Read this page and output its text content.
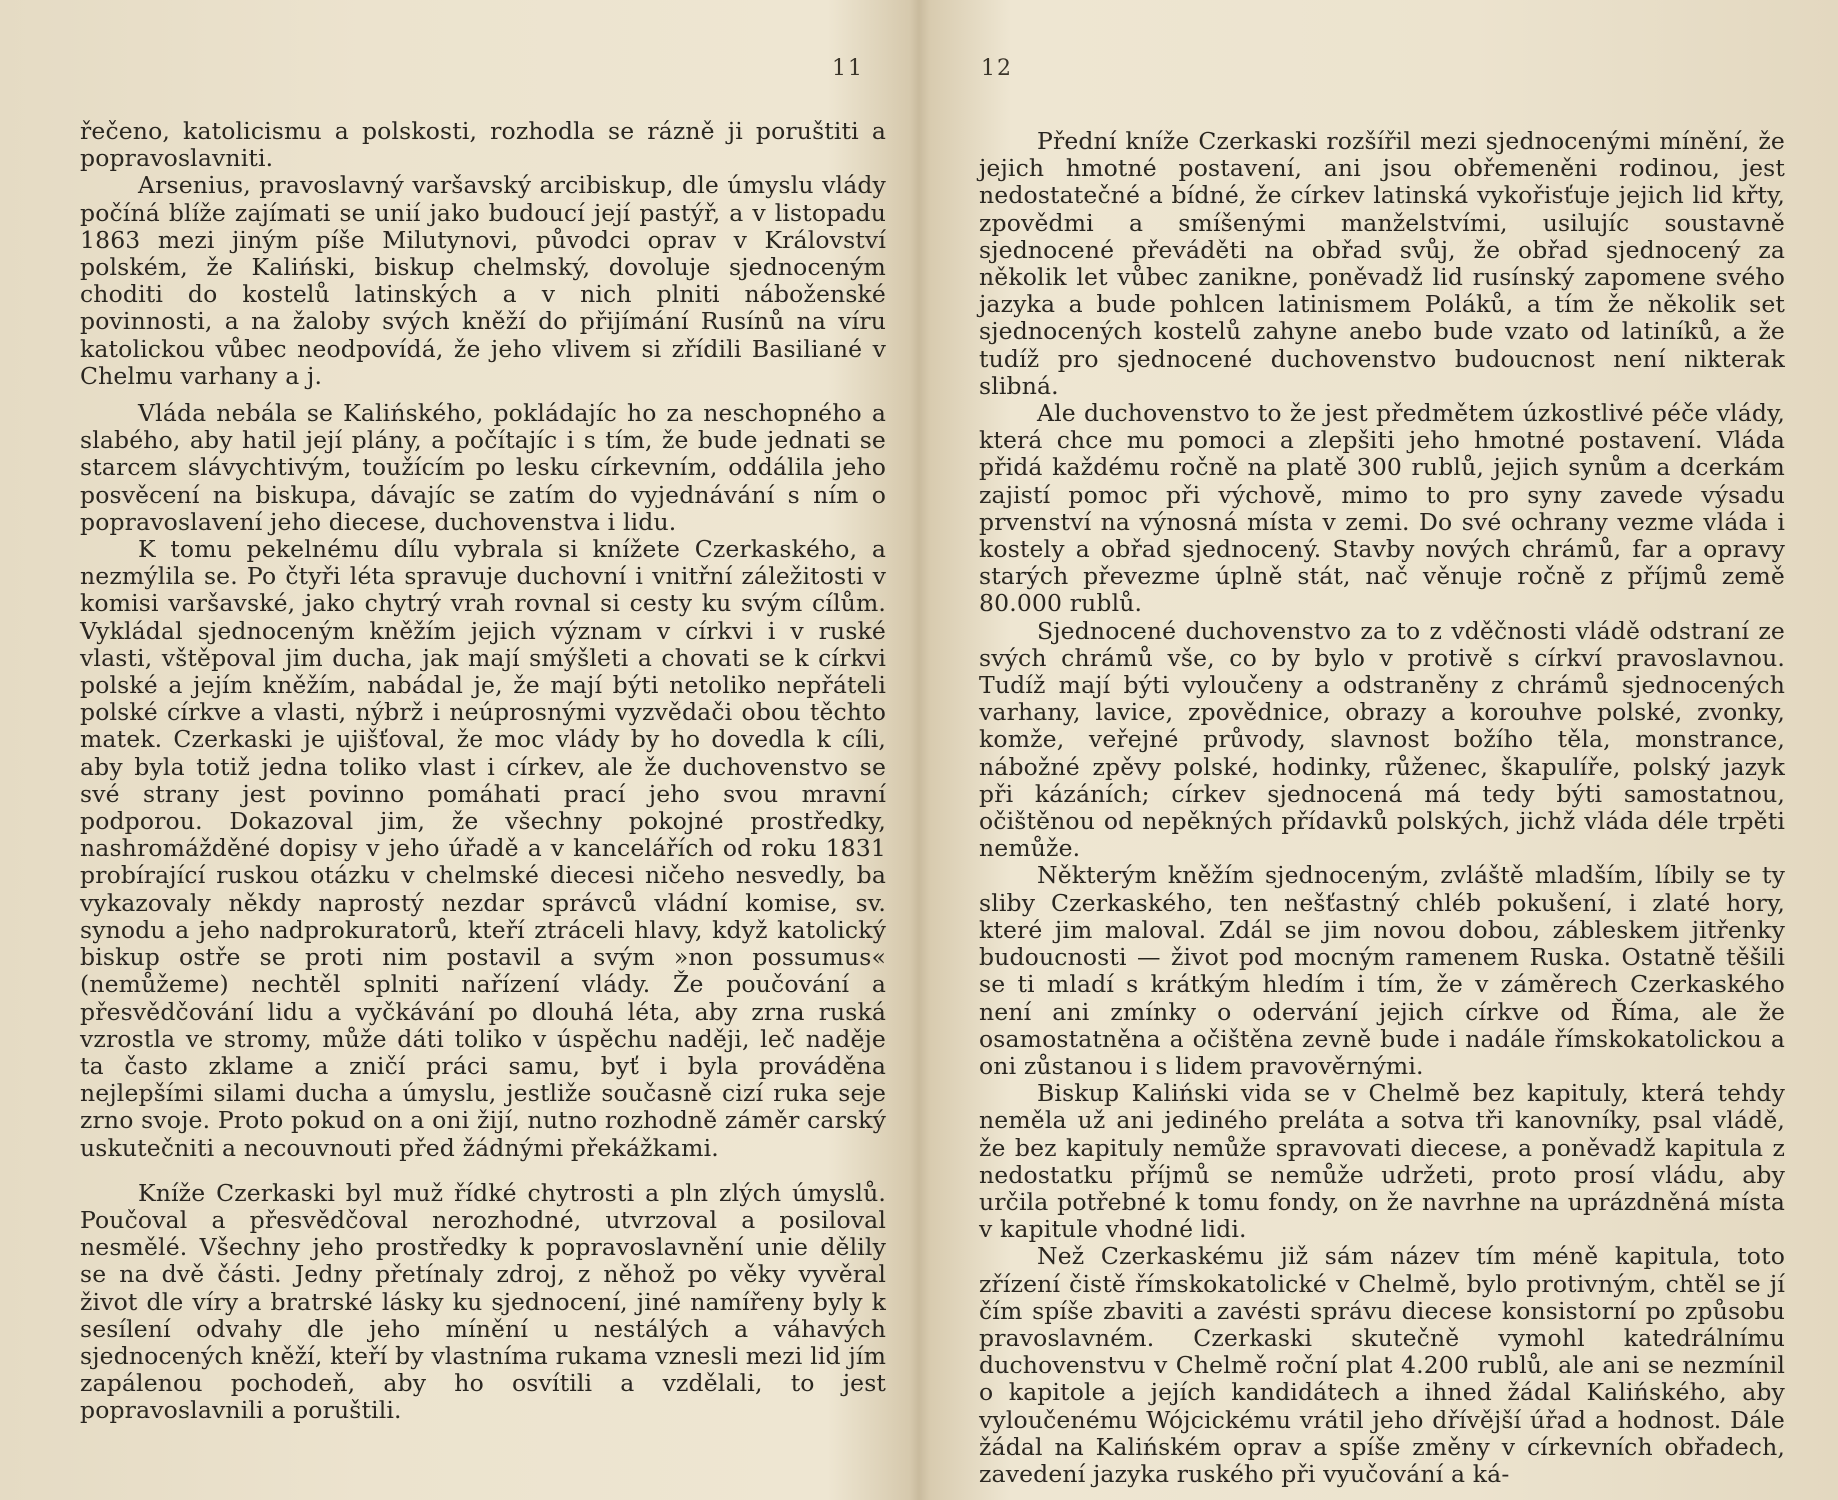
11

řečeno, katolicismu a polskosti, rozhodla se rázně ji poruštiti a popravoslavniti.

Arsenius, pravoslavný varšavský arcibiskup, dle úmyslu vlády počíná blíže zajímati se unií jako budoucí její pastýř, a v listopadu 1863 mezi jiným píše Milutynovi, původci oprav v Království polském, že Kaliński, biskup chelmský, dovoluje sjednoceným choditi do kostelů latinských a v nich plniti náboženské povinnosti, a na žaloby svých kněží do přijímání Rusínů na víru katolickou vůbec neodpovídá, že jeho vlivem si zřídili Basiliané v Chelmu varhany a j.

Vláda nebála se Kalińského, pokládajíc ho za neschopného a slabého, aby hatil její plány, a počítajíc i s tím, že bude jednati se starcem slávychtivým, toužícím po lesku církevním, oddálila jeho posvěcení na biskupa, dávajíc se zatím do vyjednávání s ním o popravoslavení jeho diecese, duchovenstva i lidu.

K tomu pekelnému dílu vybrala si knížete Czerkaského, a nezmýlila se. Po čtyři léta spravuje duchovní i vnitřní záležitosti v komisi varšavské, jako chytrý vrah rovnal si cesty ku svým cílům. Vykládal sjednoceným kněžím jejich význam v církvi i v ruské vlasti, vštěpoval jim ducha, jak mají smýšleti a chovati se k církvi polské a jejím kněžím, nabádal je, že mají býti netoliko nepřáteli polské církve a vlasti, nýbrž i neúprosnými vyzvědači obou těchto matek. Czerkaski je ujišťoval, že moc vlády by ho dovedla k cíli, aby byla totiž jedna toliko vlast i církev, ale že duchovenstvo se své strany jest povinno pomáhati prací jeho svou mravní podporou. Dokazoval jim, že všechny pokojné prostředky, nashromážděné dopisy v jeho úřadě a v kancelářích od roku 1831 probírající ruskou otázku v chelmské diecesi ničeho nesvedly, ba vykazovaly někdy naprostý nezdar správců vládní komise, sv. synodu a jeho nadprokuratorů, kteří ztráceli hlavy, když katolický biskup ostře se proti nim postavil a svým »non possumus« (nemůžeme) nechtěl splniti nařízení vlády. Že poučování a přesvědčování lidu a vyčkávání po dlouhá léta, aby zrna ruská vzrostla ve stromy, může dáti toliko v úspěchu naději, leč naděje ta často zklame a zničí práci samu, byť i byla prováděna nejlepšími silami ducha a úmyslu, jestliže současně cizí ruka seje zrno svoje. Proto pokud on a oni žijí, nutno rozhodně záměr carský uskutečniti a necouvnouti před žádnými překážkami.

Kníže Czerkaski byl muž řídké chytrosti a pln zlých úmyslů. Poučoval a přesvědčoval nerozhodné, utvrzoval a posiloval nesmělé. Všechny jeho prostředky k popravoslavnění unie dělily se na dvě části. Jedny přetínaly zdroj, z něhož po věky vyvěral život dle víry a bratrské lásky ku sjednocení, jiné namířeny byly k sesílení odvahy dle jeho mínění u nestálých a váhavých sjednocených kněží, kteří by vlastníma rukama vznesli mezi lid jím zapálenou pochodeň, aby ho osvítili a vzdělali, to jest popravoslavnili a poruštili.

12

Přední kníže Czerkaski rozšířil mezi sjednocenými mínění, že jejich hmotné postavení, ani jsou obřemeněni rodinou, jest nedostatečné a bídné, že církev latinská vykořisťuje jejich lid křty, zpovědmi a smíšenými manželstvími, usilujíc soustavně sjednocené převáděti na obřad svůj, že obřad sjednocený za několik let vůbec zanikne, poněvadž lid rusínský zapomene svého jazyka a bude pohlcen latinismem Poláků, a tím že několik set sjednocených kostelů zahyne anebo bude vzato od latiníků, a že tudíž pro sjednocené duchovenstvo budoucnost není nikterak slibná.

Ale duchovenstvo to že jest předmětem úzkostlivé péče vlády, která chce mu pomoci a zlepšiti jeho hmotné postavení. Vláda přidá každému ročně na platě 300 rublů, jejich synům a dcerkám zajistí pomoc při výchově, mimo to pro syny zavede výsadu prvenství na výnosná místa v zemi. Do své ochrany vezme vláda i kostely a obřad sjednocený. Stavby nových chrámů, far a opravy starých převezme úplně stát, nač věnuje ročně z příjmů země 80.000 rublů.

Sjednocené duchovenstvo za to z vděčnosti vládě odstraní ze svých chrámů vše, co by bylo v protivě s církví pravoslavnou. Tudíž mají býti vyloučeny a odstraněny z chrámů sjednocených varhany, lavice, zpovědnice, obrazy a korouhve polské, zvonky, komže, veřejné průvody, slavnost božího těla, monstrance, nábožné zpěvy polské, hodinky, růženec, škapulíře, polský jazyk při kázáních; církev sjednocená má tedy býti samostatnou, očištěnou od nepěkných přídavků polských, jichž vláda déle trpěti nemůže.

Některým kněžím sjednoceným, zvláště mladším, líbily se ty sliby Czerkaského, ten nešťastný chléb pokušení, i zlaté hory, které jim maloval. Zdál se jim novou dobou, zábleskem jitřenky budoucnosti — život pod mocným ramenem Ruska. Ostatně těšili se ti mladí s krátkým hledím i tím, že v záměrech Czerkaského není ani zmínky o odervání jejich církve od Říma, ale že osamostatněna a očištěna zevně bude i nadále římskokatolickou a oni zůstanou i s lidem pravověrnými.

Biskup Kaliński vida se v Chelmě bez kapituly, která tehdy neměla už ani jediného preláta a sotva tři kanovníky, psal vládě, že bez kapituly nemůže spravovati diecese, a poněvadž kapitula z nedostatku příjmů se nemůže udržeti, proto prosí vládu, aby určila potřebné k tomu fondy, on že navrhne na uprázdněná místa v kapitule vhodné lidi.

Než Czerkaskému již sám název tím méně kapitula, toto zřízení čistě římskokatolické v Chelmě, bylo protivným, chtěl se jí čím spíše zbaviti a zavésti správu diecese konsistorní po způsobu pravoslavném. Czerkaski skutečně vymohl katedrálnímu duchovenstvu v Chelmě roční plat 4.200 rublů, ale ani se nezmínil o kapitole a jejích kandidátech a ihned žádal Kalińského, aby vyloučenému Wójcickému vrátil jeho dřívější úřad a hodnost. Dále žádal na Kalińském oprav a spíše změny v církevních obřadech, zavedení jazyka ruského při vyučování a ká-
